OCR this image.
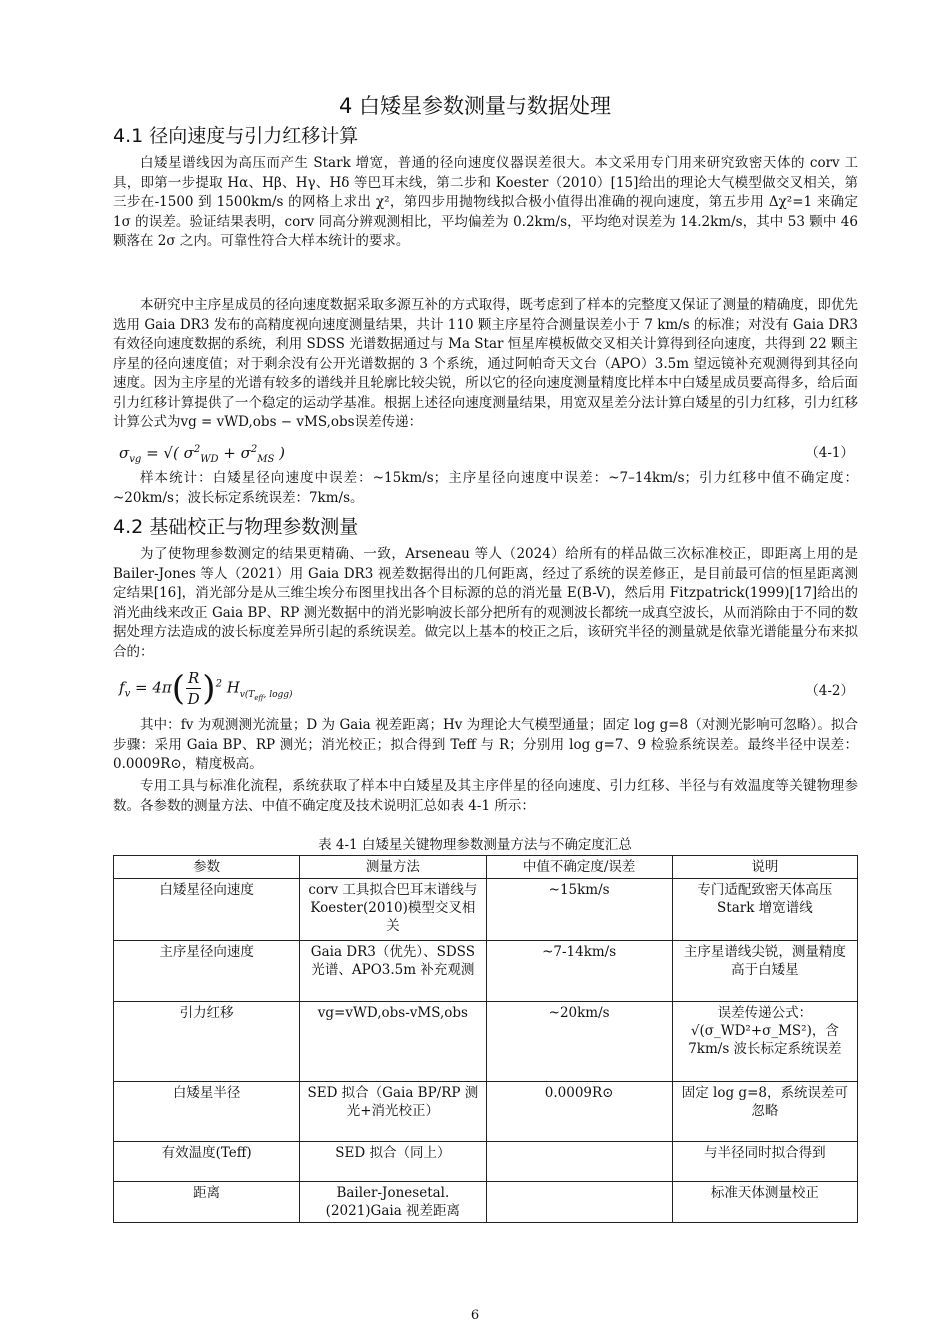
4 白矮星参数测量与数据处理
4.1 径向速度与引力红移计算

白矮星谱线因为高压而产生 Stark 增宽，普通的径向速度仪器误差很大。本文采用专门用来研究致密天体的 corv 工具，即第一步提取 Hα、Hβ、Hγ、Hδ 等巴耳末线，第二步和 Koester（2010）[15]给出的理论大气模型做交叉相关，第三步在-1500 到 1500km/s 的网格上求出 χ²，第四步用抛物线拟合极小值得出准确的视向速度，第五步用 Δχ²=1 来确定 1σ 的误差。验证结果表明，corv 同高分辨观测相比，平均偏差为 0.2km/s，平均绝对误差为 14.2km/s，其中 53 颗中 46 颗落在 2σ 之内。可靠性符合大样本统计的要求。

本研究中主序星成员的径向速度数据采取多源互补的方式取得，既考虑到了样本的完整度又保证了测量的精确度，即优先选用 Gaia DR3 发布的高精度视向速度测量结果，共计 110 颗主序星符合测量误差小于 7 km/s 的标准；对没有 Gaia DR3 有效径向速度数据的系统，利用 SDSS 光谱数据通过与 Ma Star 恒星库模板做交叉相关计算得到径向速度，共得到 22 颗主序星的径向速度值；对于剩余没有公开光谱数据的 3 个系统，通过阿帕奇天文台（APO）3.5m 望远镜补充观测得到其径向速度。因为主序星的光谱有较多的谱线并且轮廓比较尖锐，所以它的径向速度测量精度比样本中白矮星成员要高得多，给后面引力红移计算提供了一个稳定的运动学基准。根据上述径向速度测量结果，用宽双星差分法计算白矮星的引力红移，引力红移计算公式为vg = vWD,obs − vMS,obs误差传递：

$\sigma_{vg}$ = √( $\sigma^2_{WD} + \sigma^2_{MS}$ )	（4-1）

样本统计：白矮星径向速度中误差：~15km/s；主序星径向速度中误差：~7–14km/s；引力红移中值不确定度：~20km/s；波长标定系统误差：7km/s。

4.2 基础校正与物理参数测量

为了使物理参数测定的结果更精确、一致，Arseneau 等人（2024）给所有的样品做三次标准校正，即距离上用的是 Bailer-Jones 等人（2021）用 Gaia DR3 视差数据得出的几何距离，经过了系统的误差修正，是目前最可信的恒星距离测定结果[16]，消光部分是从三维尘埃分布图里找出各个目标源的总的消光量 E(B-V)，然后用 Fitzpatrick(1999)[17]给出的消光曲线来改正 Gaia BP、RP 测光数据中的消光影响波长部分把所有的观测波长都统一成真空波长，从而消除由于不同的数据处理方法造成的波长标度差异所引起的系统误差。做完以上基本的校正之后，该研究半径的测量就是依靠光谱能量分布来拟合的：

$f_v = 4\pi( \frac{R}{D} )^2$ $H_{v(T_{eff}, logg)}$	（4-2）

其中：fv 为观测测光流量；D 为 Gaia 视差距离；Hv 为理论大气模型通量；固定 log g=8（对测光影响可忽略）。拟合步骤：采用 Gaia BP、RP 测光；消光校正；拟合得到 Teff 与 R；分别用 log g=7、9 检验系统误差。最终半径中误差：0.0009R⊙，精度极高。

专用工具与标准化流程，系统获取了样本中白矮星及其主序伴星的径向速度、引力红移、半径与有效温度等关键物理参数。各参数的测量方法、中值不确定度及技术说明汇总如表 4-1 所示：

表 4-1 白矮星关键物理参数测量方法与不确定度汇总
参数	测量方法	中值不确定度/误差	说明
白矮星径向速度	corv 工具拟合巴耳末谱线与 Koester(2010)模型交叉相关	~15km/s	专门适配致密天体高压 Stark 增宽谱线
主序星径向速度	Gaia DR3（优先）、SDSS 光谱、APO3.5m 补充观测	~7-14km/s	主序星谱线尖锐，测量精度高于白矮星
引力红移	vg=vWD,obs-vMS,obs	~20km/s	误差传递公式：√(σ_WD²+σ_MS²)，含 7km/s 波长标定系统误差
白矮星半径	SED 拟合（Gaia BP/RP 测光+消光校正）	0.0009R⊙	固定 log g=8，系统误差可忽略
有效温度(Teff)	SED 拟合（同上）		与半径同时拟合得到
距离	Bailer-Jonesetal.(2021)Gaia 视差距离		标准天体测量校正
6
